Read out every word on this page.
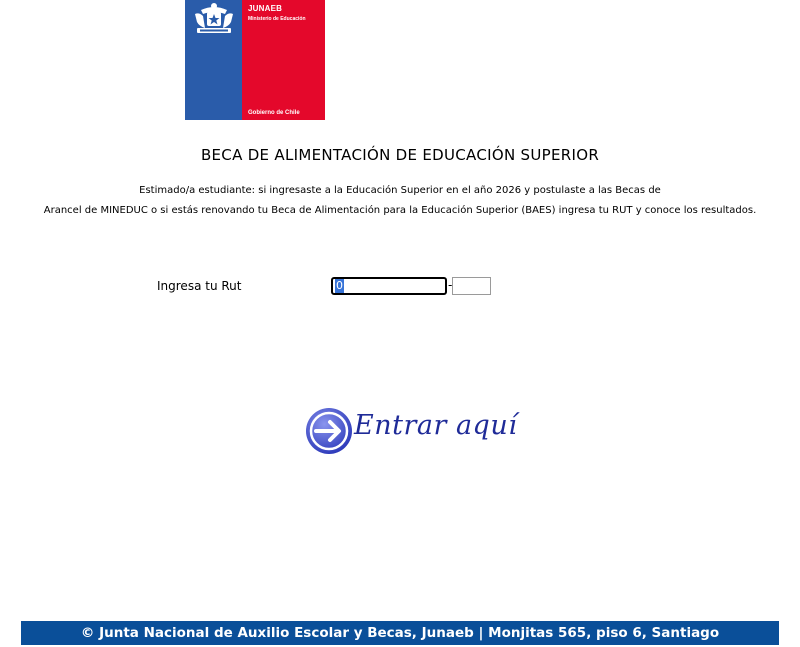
JUNAEB
Ministerio de Educación
Gobierno de Chile
BECA DE ALIMENTACIÓN DE EDUCACIÓN SUPERIOR

Estimado/a estudiante: si ingresaste a la Educación Superior en el año 2026 y postulaste a las Becas de
Arancel de MINEDUC o si estás renovando tu Beca de Alimentación para la Educación Superior (BAES) ingresa tu RUT y conoce los resultados.

Ingresa tu Rut	0	-
Entrar aquí
© Junta Nacional de Auxilio Escolar y Becas, Junaeb | Monjitas 565, piso 6, Santiago
